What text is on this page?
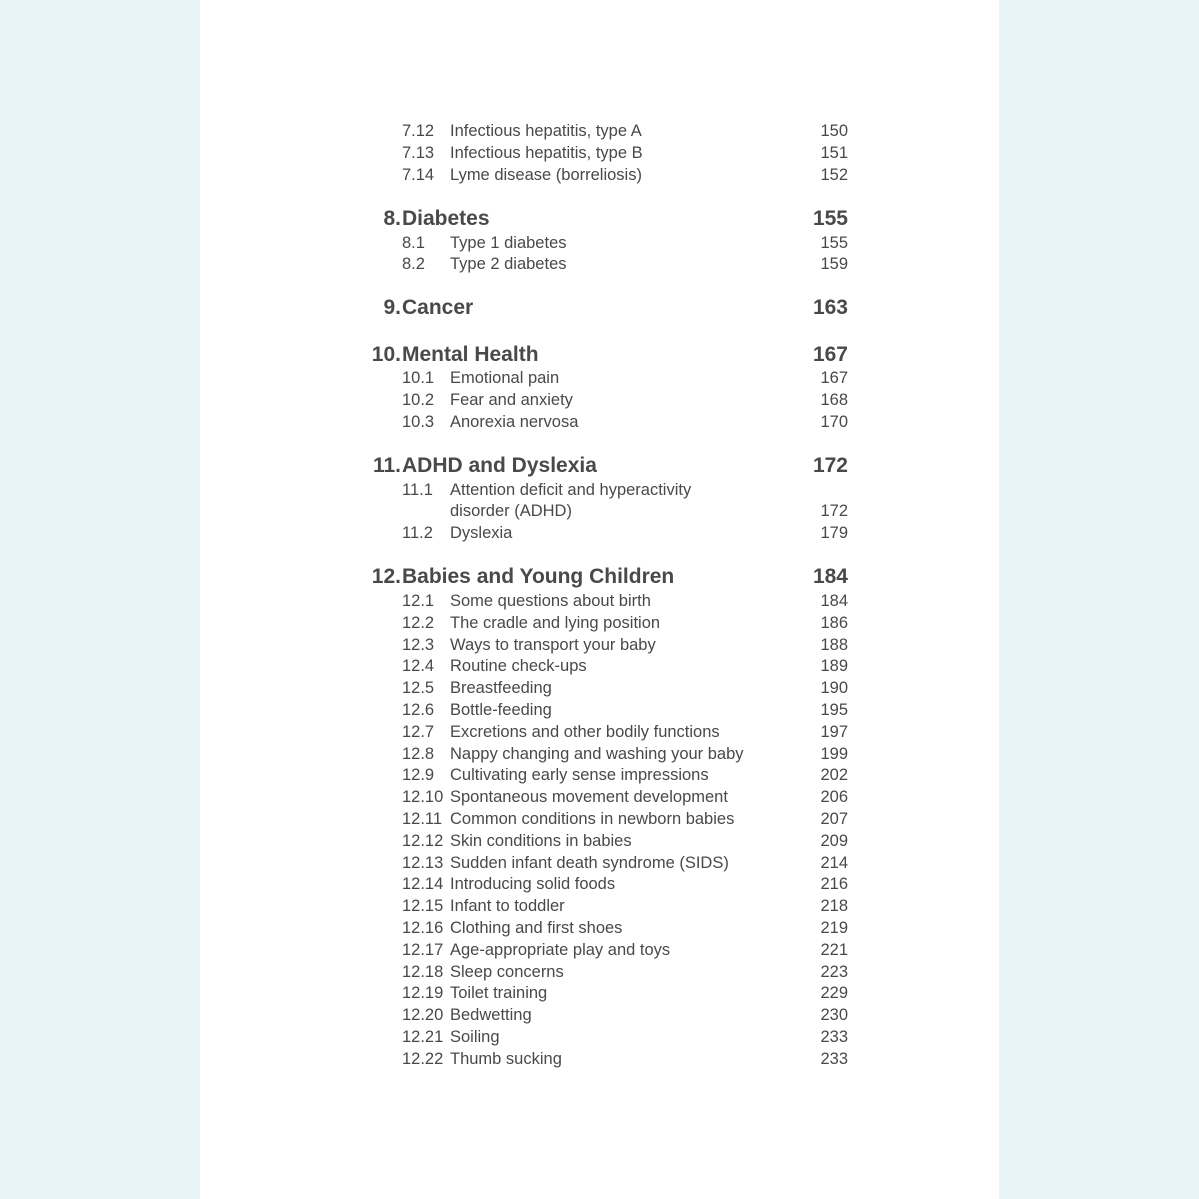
7.12 Infectious hepatitis, type A	150
7.13 Infectious hepatitis, type B	151
7.14 Lyme disease (borreliosis)	152
8. Diabetes	155
8.1 Type 1 diabetes	155
8.2 Type 2 diabetes	159
9. Cancer	163
10. Mental Health	167
10.1 Emotional pain	167
10.2 Fear and anxiety	168
10.3 Anorexia nervosa	170
11. ADHD and Dyslexia	172
11.1 Attention deficit and hyperactivity
disorder (ADHD)	172
11.2 Dyslexia	179
12. Babies and Young Children	184
12.1 Some questions about birth	184
12.2 The cradle and lying position	186
12.3 Ways to transport your baby	188
12.4 Routine check-ups	189
12.5 Breastfeeding	190
12.6 Bottle-feeding	195
12.7 Excretions and other bodily functions	197
12.8 Nappy changing and washing your baby	199
12.9 Cultivating early sense impressions	202
12.10 Spontaneous movement development	206
12.11 Common conditions in newborn babies	207
12.12 Skin conditions in babies	209
12.13 Sudden infant death syndrome (SIDS)	214
12.14 Introducing solid foods	216
12.15 Infant to toddler	218
12.16 Clothing and first shoes	219
12.17 Age-appropriate play and toys	221
12.18 Sleep concerns	223
12.19 Toilet training	229
12.20 Bedwetting	230
12.21 Soiling	233
12.22 Thumb sucking	233
